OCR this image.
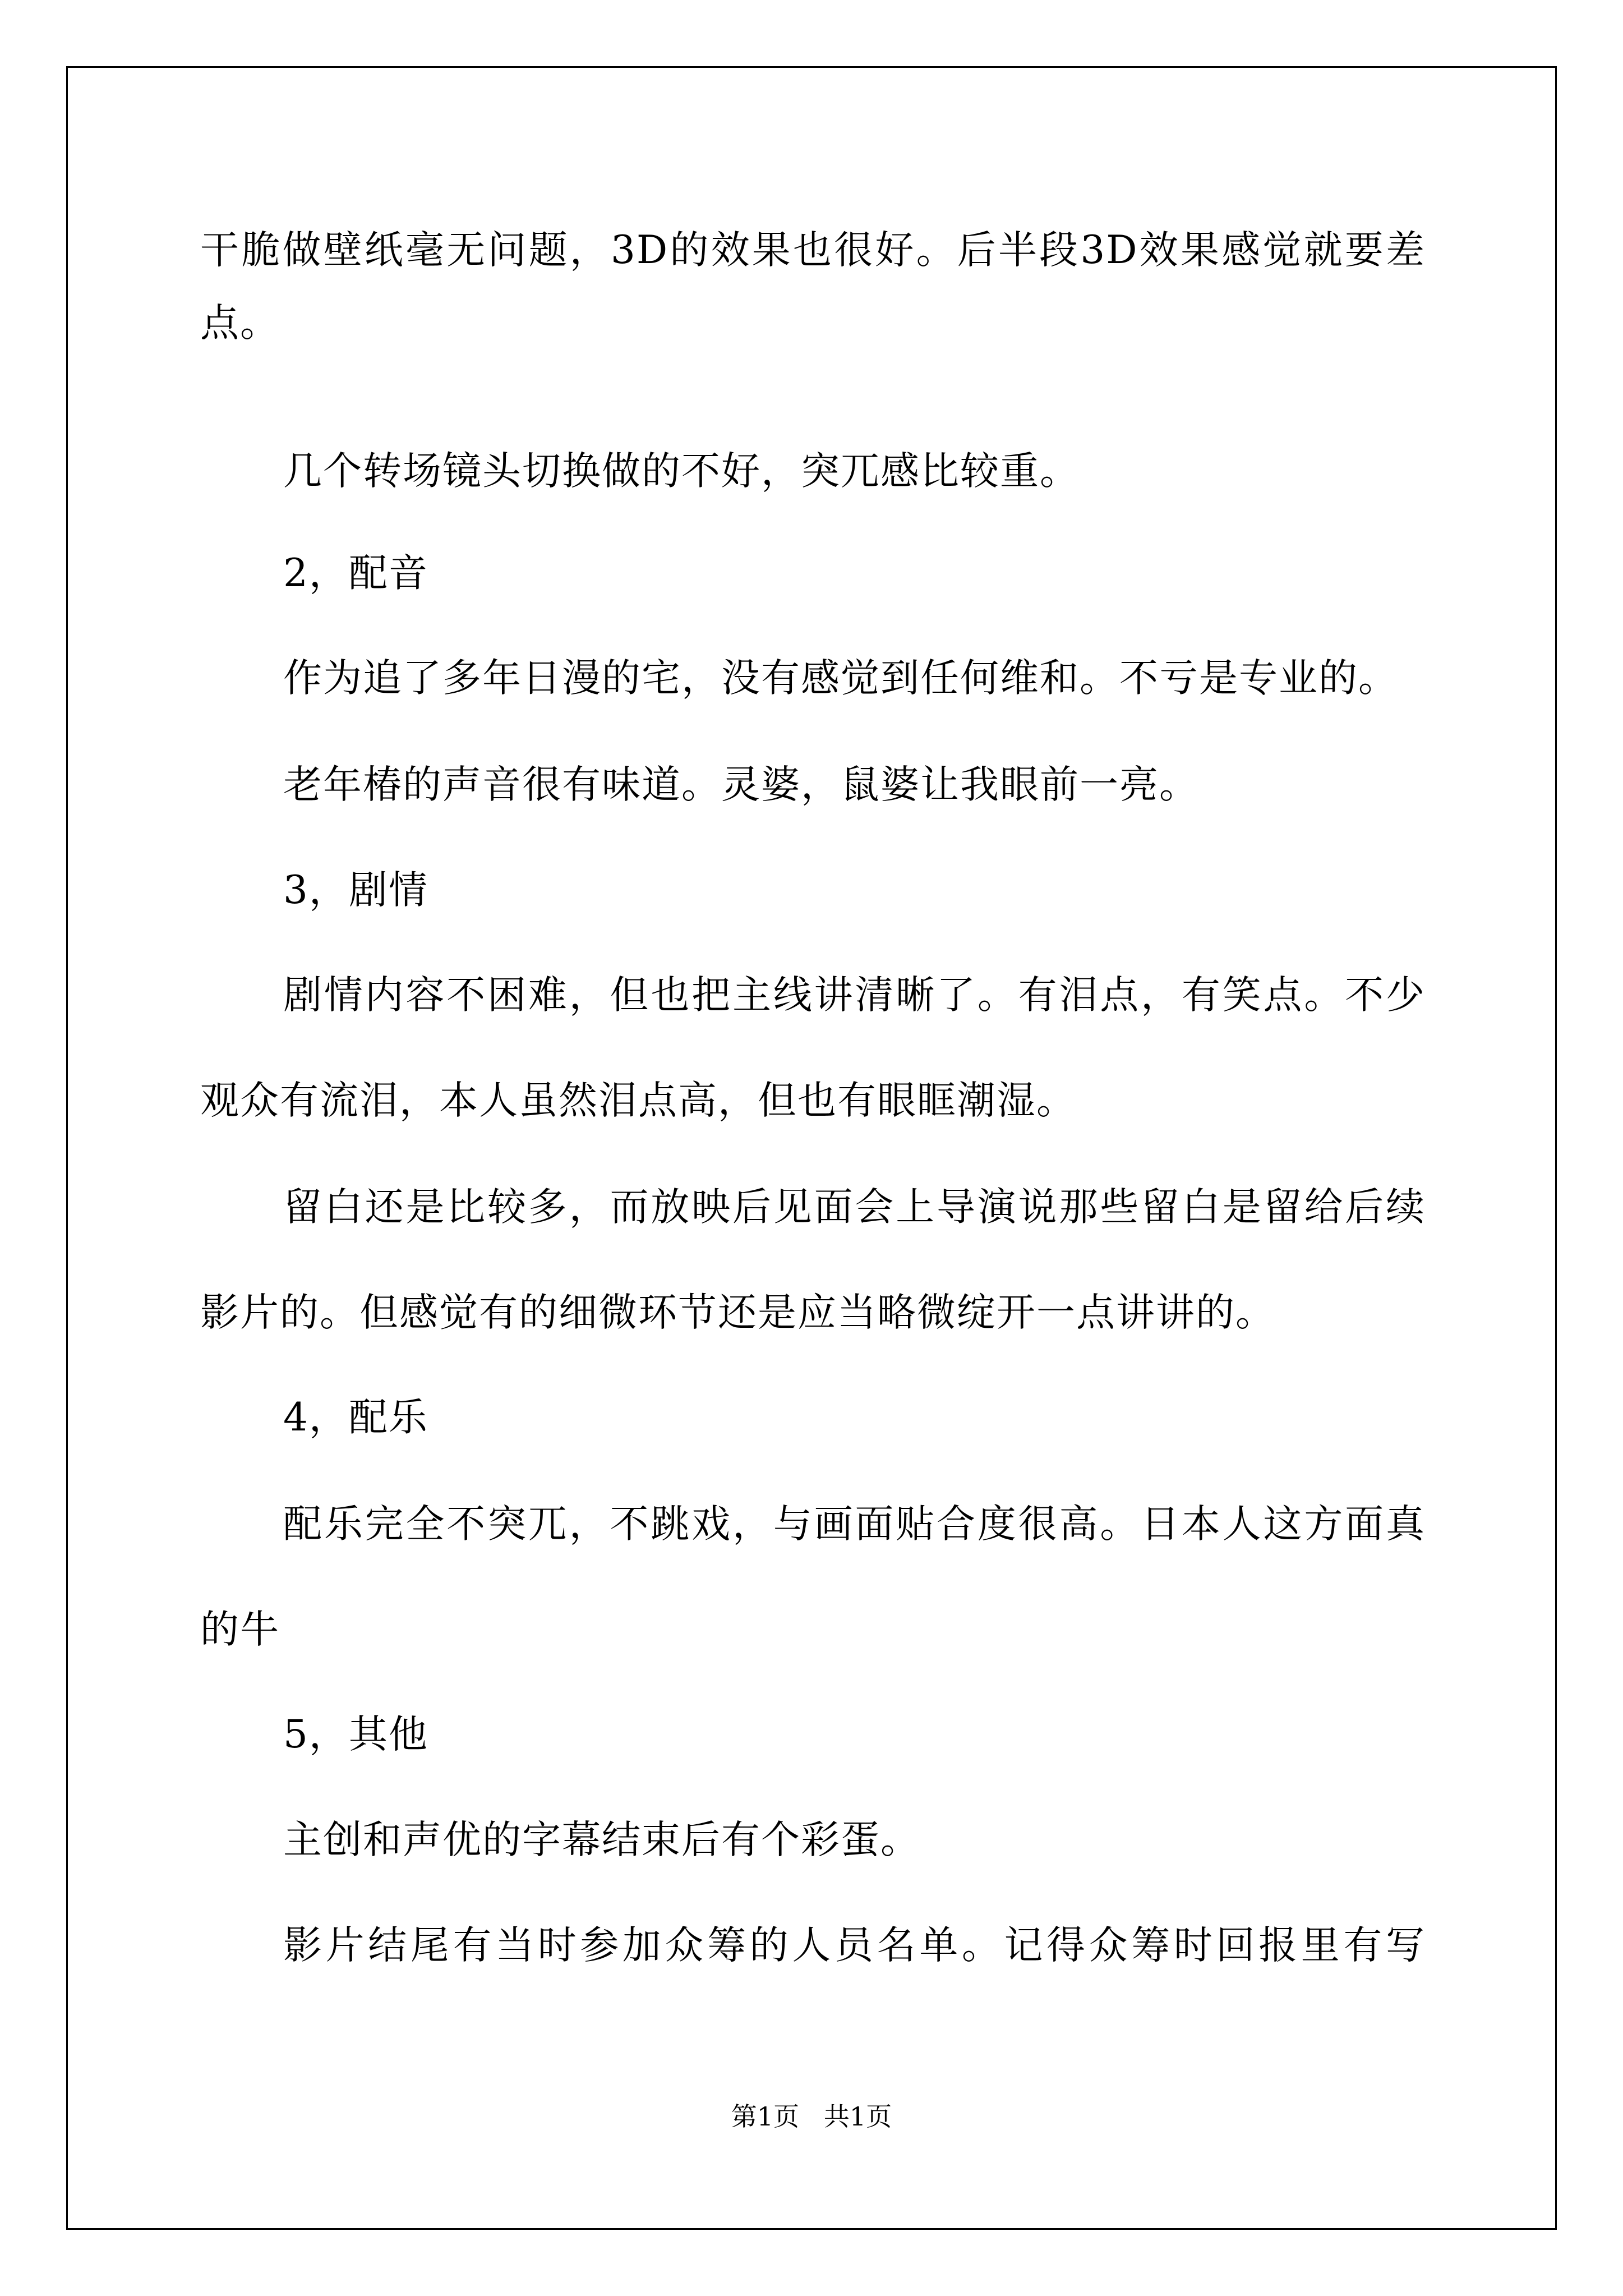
干脆做壁纸毫无问题，3D的效果也很好。后半段3D效果感觉就要差
点。
几个转场镜头切换做的不好，突兀感比较重。
2，配音
作为追了多年日漫的宅，没有感觉到任何维和。不亏是专业的。
老年椿的声音很有味道。灵婆，鼠婆让我眼前一亮。
3，剧情
剧情内容不困难，但也把主线讲清晰了。有泪点，有笑点。不少
观众有流泪，本人虽然泪点高，但也有眼眶潮湿。
留白还是比较多，而放映后见面会上导演说那些留白是留给后续
影片的。但感觉有的细微环节还是应当略微绽开一点讲讲的。
4，配乐
配乐完全不突兀，不跳戏，与画面贴合度很高。日本人这方面真
的牛
5，其他
主创和声优的字幕结束后有个彩蛋。
影片结尾有当时参加众筹的人员名单。记得众筹时回报里有写
第1页   共1页
